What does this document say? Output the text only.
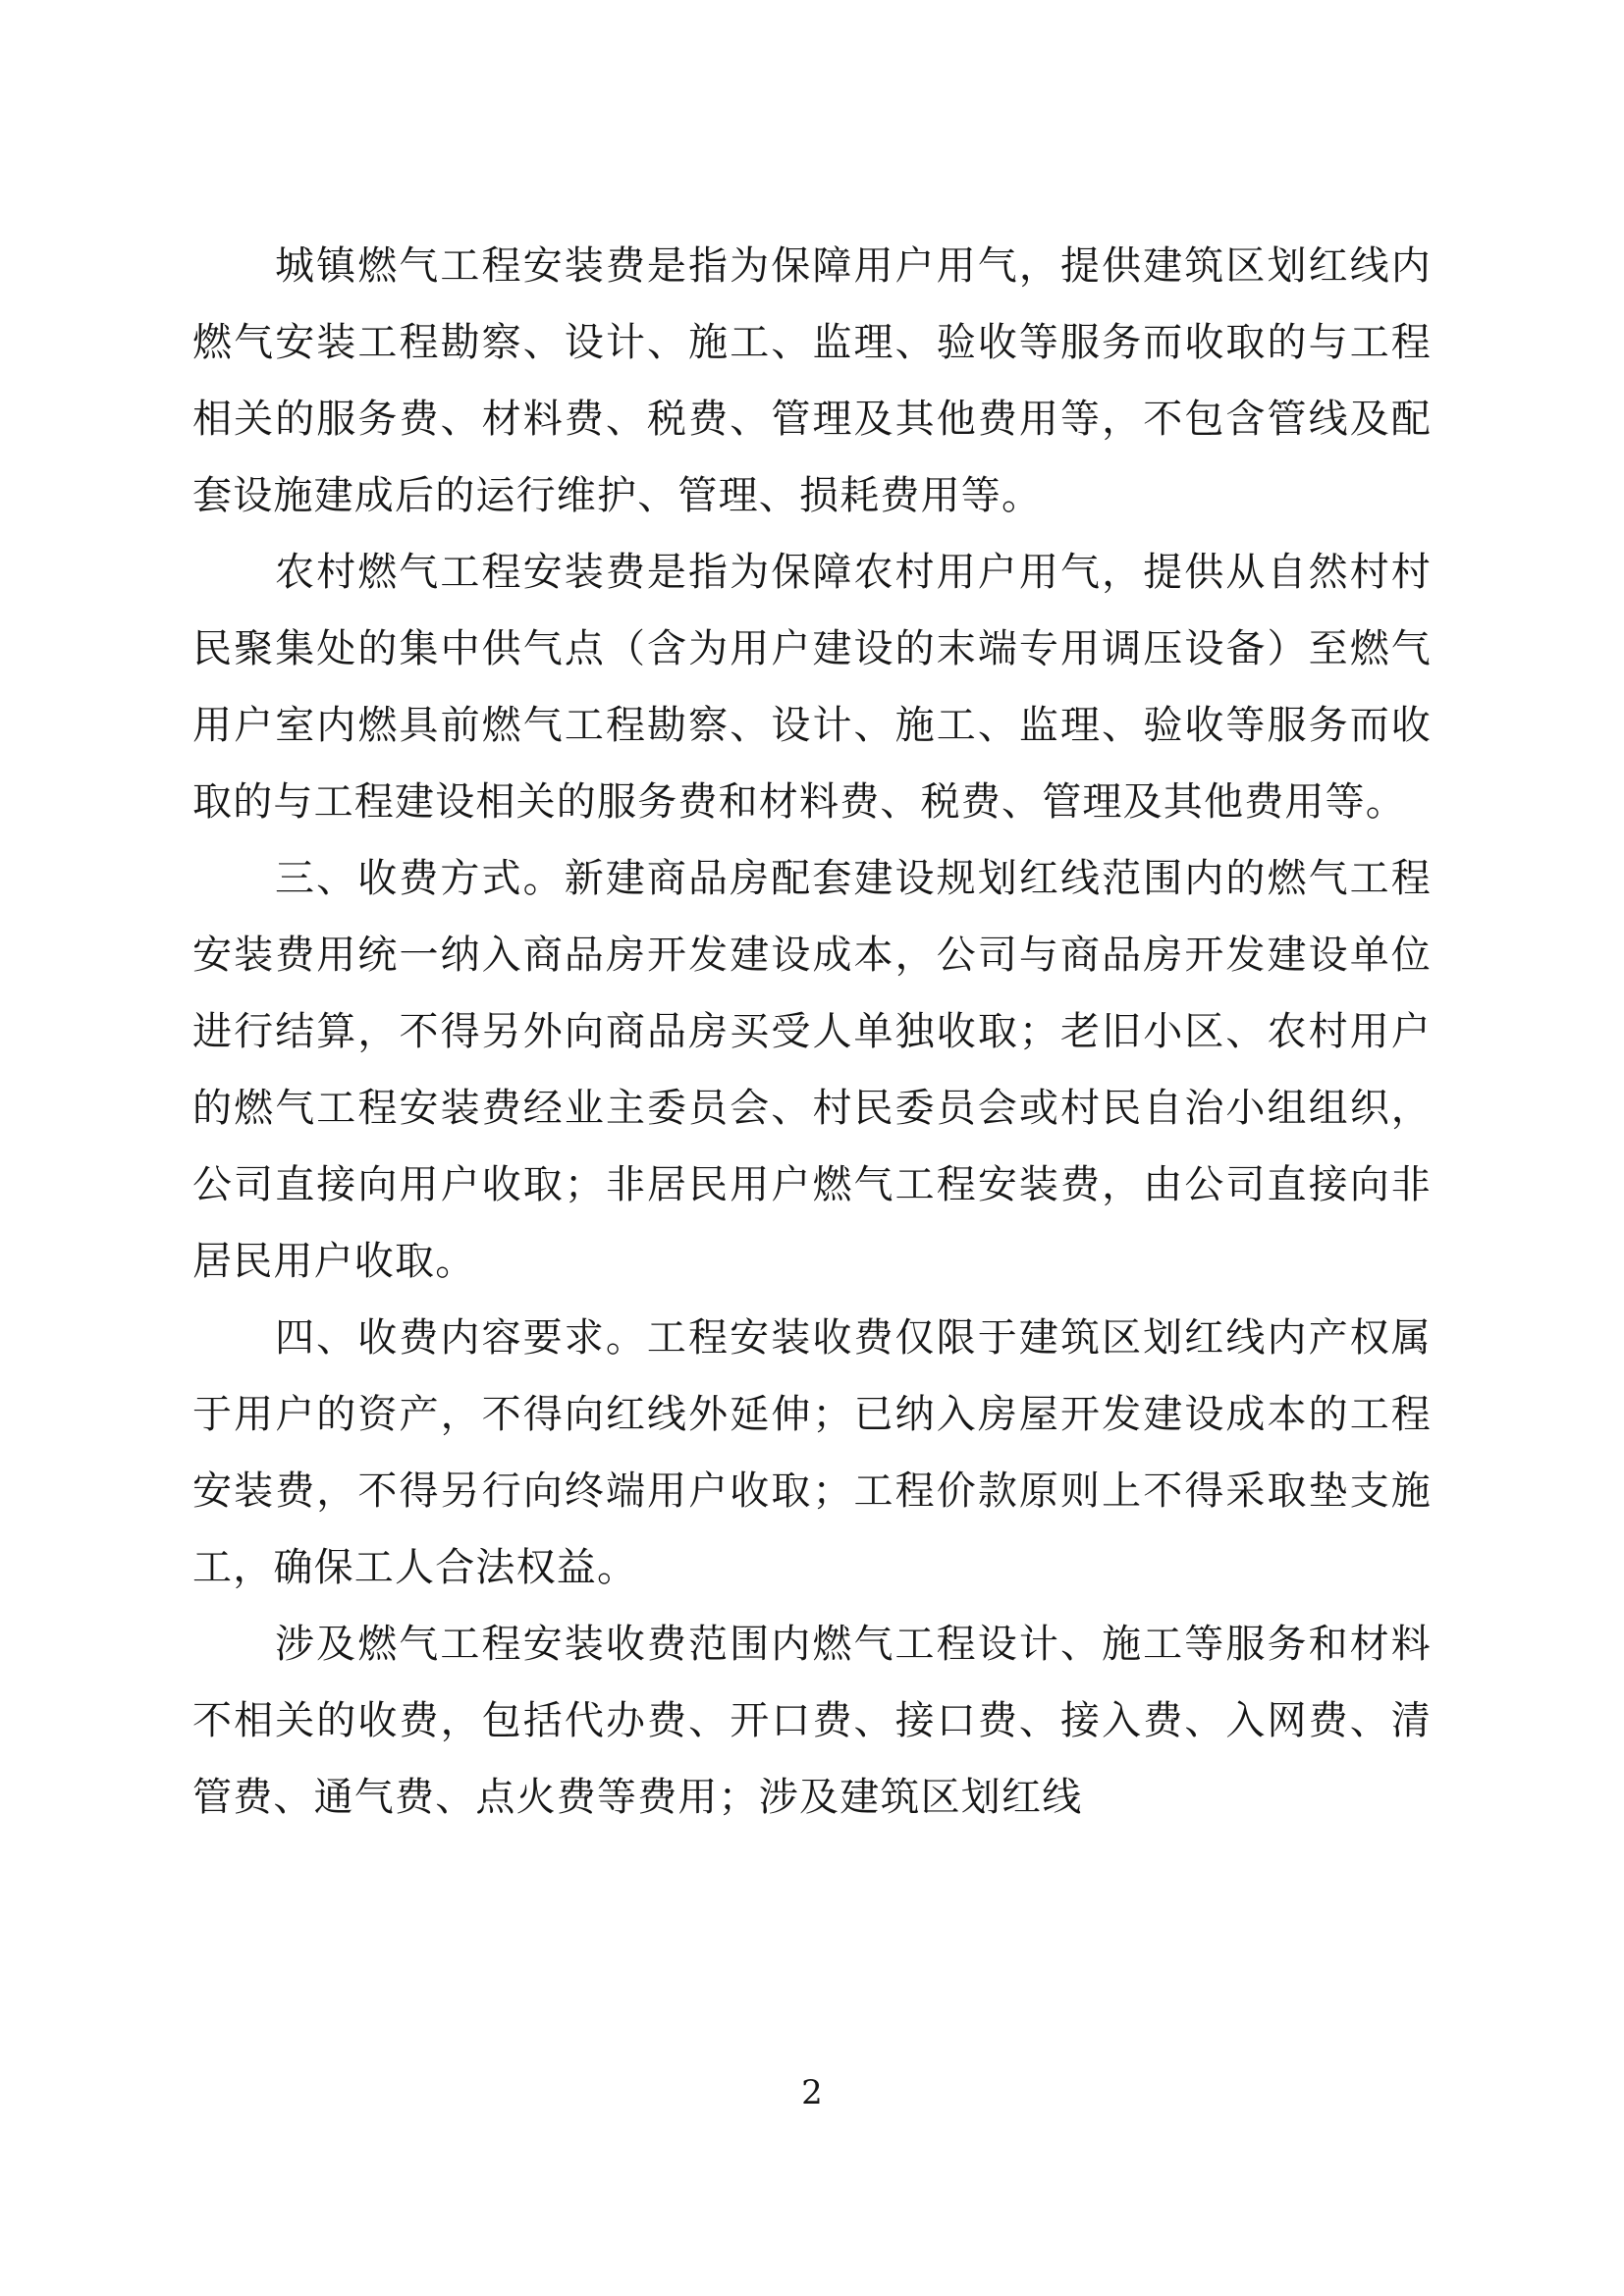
城镇燃气工程安装费是指为保障用户用气，提供建筑区划红线内燃气安装工程勘察、设计、施工、监理、验收等服务而收取的与工程相关的服务费、材料费、税费、管理及其他费用等，不包含管线及配套设施建成后的运行维护、管理、损耗费用等。

农村燃气工程安装费是指为保障农村用户用气，提供从自然村村民聚集处的集中供气点（含为用户建设的末端专用调压设备）至燃气用户室内燃具前燃气工程勘察、设计、施工、监理、验收等服务而收取的与工程建设相关的服务费和材料费、税费、管理及其他费用等。

三、收费方式。新建商品房配套建设规划红线范围内的燃气工程安装费用统一纳入商品房开发建设成本，公司与商品房开发建设单位进行结算，不得另外向商品房买受人单独收取；老旧小区、农村用户的燃气工程安装费经业主委员会、村民委员会或村民自治小组组织，公司直接向用户收取；非居民用户燃气工程安装费，由公司直接向非居民用户收取。

四、收费内容要求。工程安装收费仅限于建筑区划红线内产权属于用户的资产，不得向红线外延伸；已纳入房屋开发建设成本的工程安装费，不得另行向终端用户收取；工程价款原则上不得采取垫支施工，确保工人合法权益。

涉及燃气工程安装收费范围内燃气工程设计、施工等服务和材料不相关的收费，包括代办费、开口费、接口费、接入费、入网费、清管费、通气费、点火费等费用；涉及建筑区划红线

2
